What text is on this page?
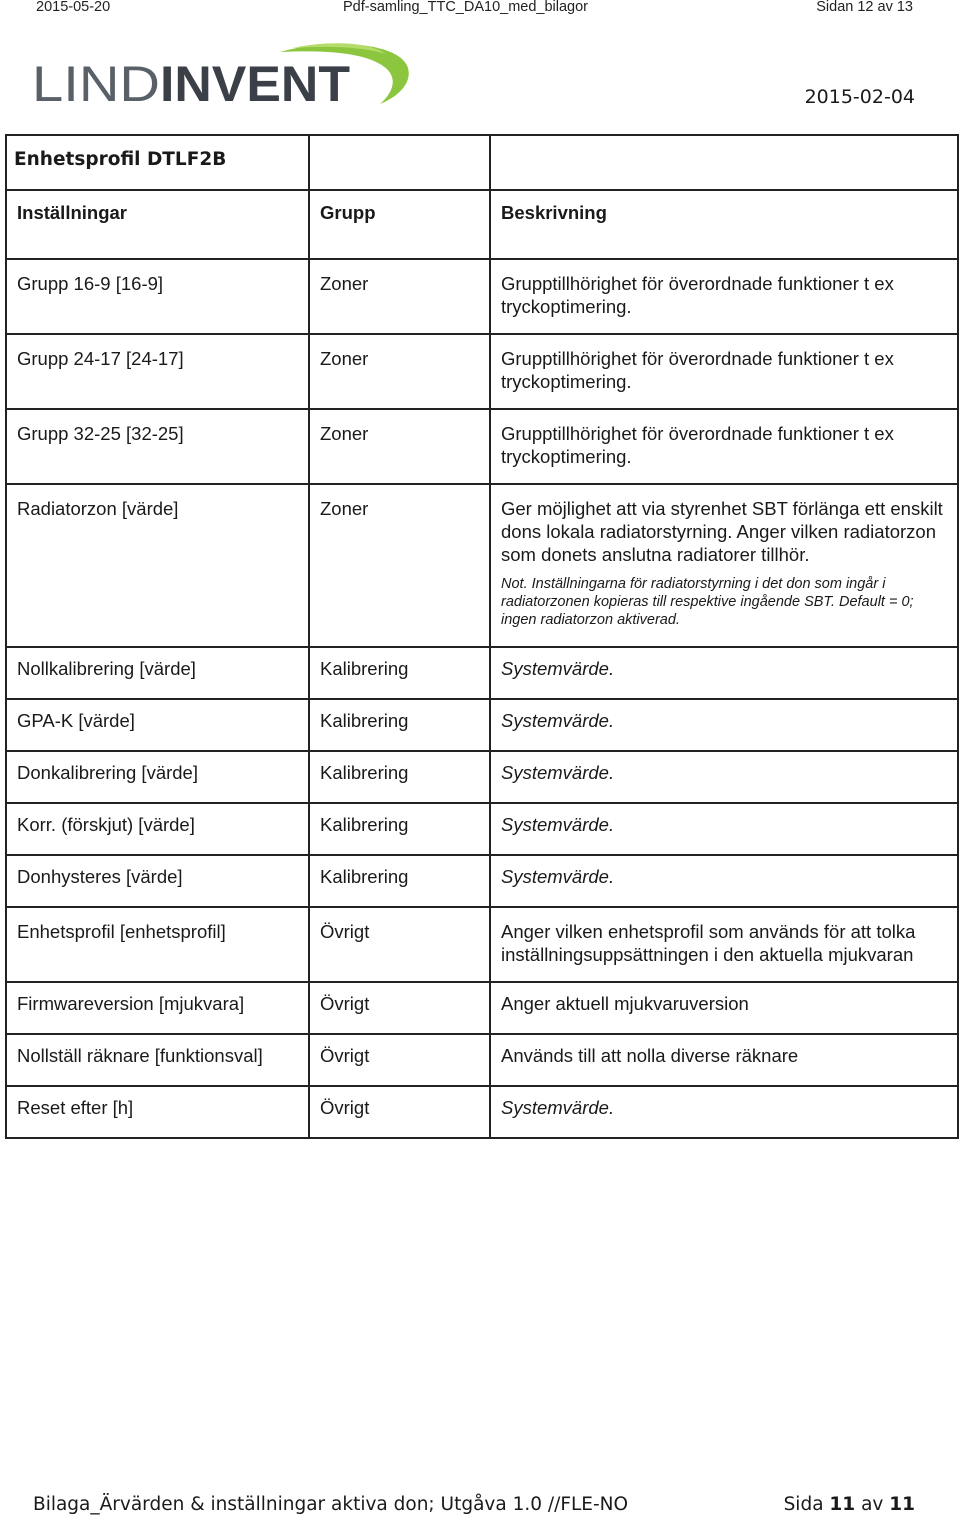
2015-05-20	Pdf-samling_TTC_DA10_med_bilagor	Sidan 12 av 13
LIND INVENT	2015-02-04
Enhetsprofil DTLF2B		
Inställningar	Grupp	Beskrivning
Grupp 16-9 [16-9]	Zoner	Grupptillhörighet för överordnade funktioner t ex tryckoptimering.
Grupp 24-17 [24-17]	Zoner	Grupptillhörighet för överordnade funktioner t ex tryckoptimering.
Grupp 32-25 [32-25]	Zoner	Grupptillhörighet för överordnade funktioner t ex tryckoptimering.
Radiatorzon [värde]	Zoner	Ger möjlighet att via styrenhet SBT förlänga ett enskilt dons lokala radiatorstyrning. Anger vilken radiatorzon som donets anslutna radiatorer tillhör.
Not. Inställningarna för radiatorstyrning i det don som ingår i radiatorzonen kopieras till respektive ingående SBT. Default = 0; ingen radiatorzon aktiverad.

Nollkalibrering [värde]	Kalibrering	Systemvärde.
GPA-K [värde]	Kalibrering	Systemvärde.
Donkalibrering [värde]	Kalibrering	Systemvärde.
Korr. (förskjut) [värde]	Kalibrering	Systemvärde.
Donhysteres [värde]	Kalibrering	Systemvärde.
Enhetsprofil [enhetsprofil]	Övrigt	Anger vilken enhetsprofil som används för att tolka inställningsuppsättningen i den aktuella mjukvaran
Firmwareversion [mjukvara]	Övrigt	Anger aktuell mjukvaruversion
Nollställ räknare [funktionsval]	Övrigt	Används till att nolla diverse räknare
Reset efter [h]	Övrigt	Systemvärde.
Bilaga_Ärvärden & inställningar aktiva don; Utgåva 1.0 //FLE-NO	Sida 11 av 11
